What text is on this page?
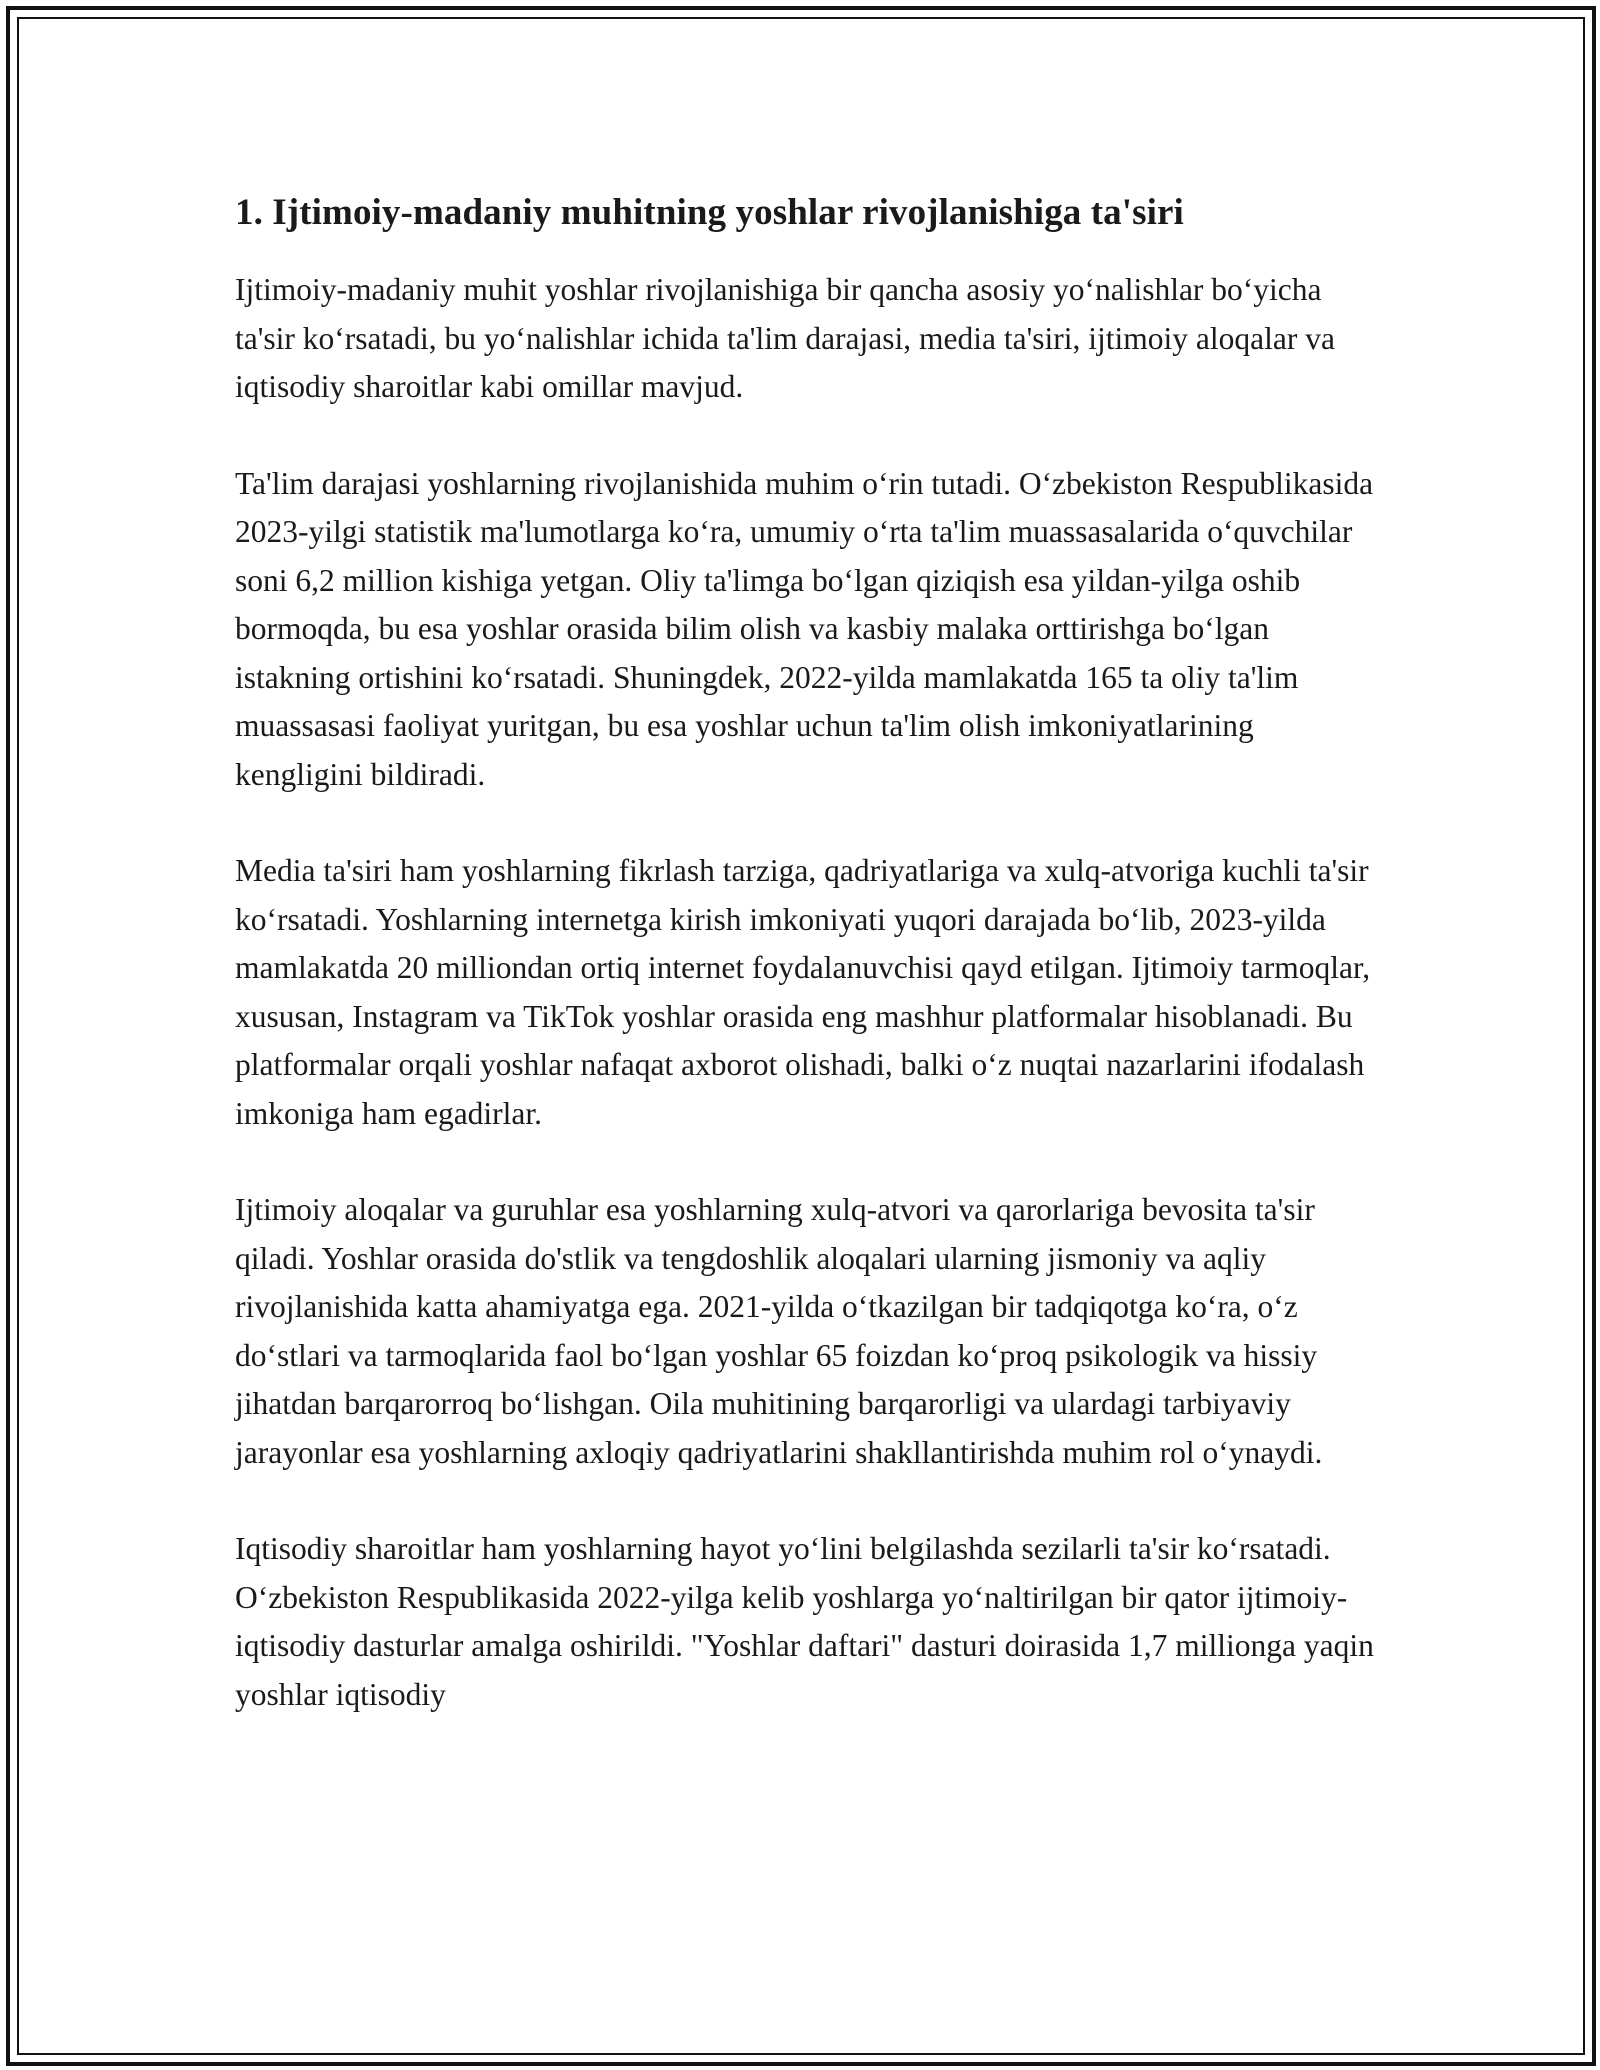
1. Ijtimoiy-madaniy muhitning yoshlar rivojlanishiga ta'siri

Ijtimoiy-madaniy muhit yoshlar rivojlanishiga bir qancha asosiy yoʻnalishlar boʻyicha ta'sir koʻrsatadi, bu yoʻnalishlar ichida ta'lim darajasi, media ta'siri, ijtimoiy aloqalar va iqtisodiy sharoitlar kabi omillar mavjud.

Ta'lim darajasi yoshlarning rivojlanishida muhim oʻrin tutadi. Oʻzbekiston Respublikasida 2023-yilgi statistik ma'lumotlarga koʻra, umumiy oʻrta ta'lim muassasalarida oʻquvchilar soni 6,2 million kishiga yetgan. Oliy ta'limga boʻlgan qiziqish esa yildan-yilga oshib bormoqda, bu esa yoshlar orasida bilim olish va kasbiy malaka orttirishga boʻlgan istakning ortishini koʻrsatadi. Shuningdek, 2022-yilda mamlakatda 165 ta oliy ta'lim muassasasi faoliyat yuritgan, bu esa yoshlar uchun ta'lim olish imkoniyatlarining kengligini bildiradi.

Media ta'siri ham yoshlarning fikrlash tarziga, qadriyatlariga va xulq-atvoriga kuchli ta'sir koʻrsatadi. Yoshlarning internetga kirish imkoniyati yuqori darajada boʻlib, 2023-yilda mamlakatda 20 milliondan ortiq internet foydalanuvchisi qayd etilgan. Ijtimoiy tarmoqlar, xususan, Instagram va TikTok yoshlar orasida eng mashhur platformalar hisoblanadi. Bu platformalar orqali yoshlar nafaqat axborot olishadi, balki oʻz nuqtai nazarlarini ifodalash imkoniga ham egadirlar.

Ijtimoiy aloqalar va guruhlar esa yoshlarning xulq-atvori va qarorlariga bevosita ta'sir qiladi. Yoshlar orasida do'stlik va tengdoshlik aloqalari ularning jismoniy va aqliy rivojlanishida katta ahamiyatga ega. 2021-yilda oʻtkazilgan bir tadqiqotga koʻra, oʻz doʻstlari va tarmoqlarida faol boʻlgan yoshlar 65 foizdan koʻproq psikologik va hissiy jihatdan barqarorroq boʻlishgan. Oila muhitining barqarorligi va ulardagi tarbiyaviy jarayonlar esa yoshlarning axloqiy qadriyatlarini shakllantirishda muhim rol oʻynaydi.

Iqtisodiy sharoitlar ham yoshlarning hayot yoʻlini belgilashda sezilarli ta'sir koʻrsatadi. Oʻzbekiston Respublikasida 2022-yilga kelib yoshlarga yoʻnaltirilgan bir qator ijtimoiy-iqtisodiy dasturlar amalga oshirildi. "Yoshlar daftari" dasturi doirasida 1,7 millionga yaqin yoshlar iqtisodiy
